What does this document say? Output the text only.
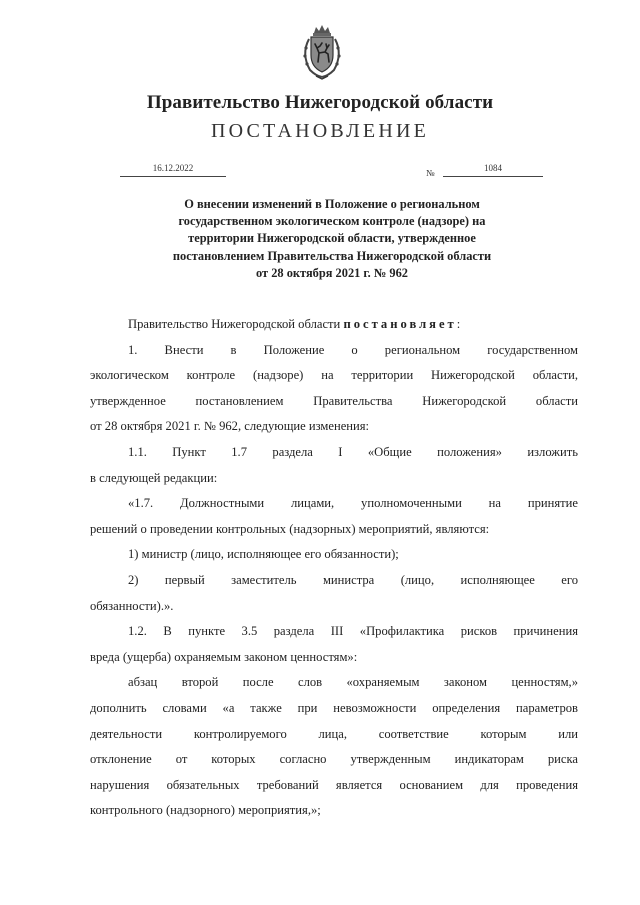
Правительство Нижегородской области
ПОСТАНОВЛЕНИЕ
16.12.2022	№	1084
О внесении изменений в Положение о региональном
государственном экологическом контроле (надзоре) на
территории Нижегородской области, утвержденное
постановлением Правительства Нижегородской области
от 28 октября 2021 г. № 962

Правительство Нижегородской области постановляет:

1. Внести в Положение о региональном государственном
экологическом контроле (надзоре) на территории Нижегородской области,
утвержденное постановлением Правительства Нижегородской области
от 28 октября 2021 г. № 962, следующие изменения:

1.1. Пункт 1.7 раздела I «Общие положения» изложить
в следующей редакции:

«1.7. Должностными лицами, уполномоченными на принятие
решений о проведении контрольных (надзорных) мероприятий, являются:

1) министр (лицо, исполняющее его обязанности);

2) первый заместитель министра (лицо, исполняющее его
обязанности).».

1.2. В пункте 3.5 раздела III «Профилактика рисков причинения
вреда (ущерба) охраняемым законом ценностям»:

абзац второй после слов «охраняемым законом ценностям,»
дополнить словами «а также при невозможности определения параметров
деятельности контролируемого лица, соответствие которым или
отклонение от которых согласно утвержденным индикаторам риска
нарушения обязательных требований является основанием для проведения
контрольного (надзорного) мероприятия,»;
